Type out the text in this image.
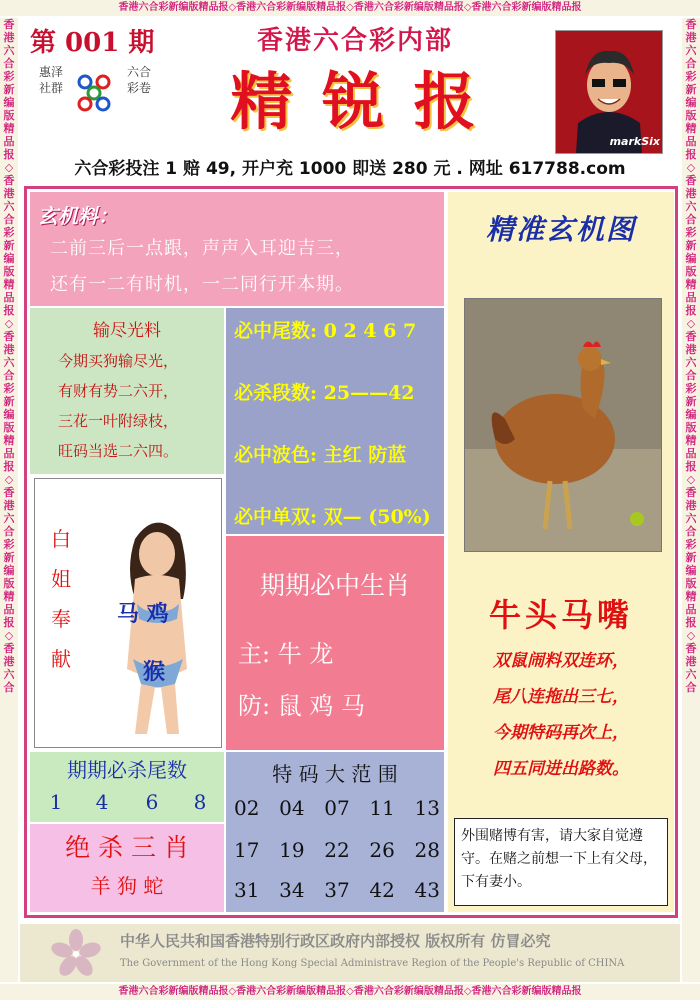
香港六合彩新编版精品报◇香港六合彩新编版精品报◇香港六合彩新编版精品报◇香港六合彩新编版精品报
香港六合彩新编版精品报◇香港六合彩新编版精品报◇香港六合彩新编版精品报◇香港六合彩新编版精品报
香港六合彩新编版精品报◇香港六合彩新编版精品报◇香港六合彩新编版精品报◇香港六合彩新编版精品报◇香港六合
香港六合彩新编版精品报◇香港六合彩新编版精品报◇香港六合彩新编版精品报◇香港六合彩新编版精品报◇香港六合
第 001 期
惠泽社群
六合彩卷
香港六合彩内部
精 锐 报
markSix
六合彩投注 1 赔 49, 开户充 1000 即送 280 元 . 网址 617788.com
玄机料：
二前三后一点跟，声声入耳迎吉三，
还有一二有时机，一二同行开本期。
输尽光料
今期买狗输尽光，
有财有势二六开，
三花一叶附绿枝，
旺码当选二六四。
必中尾数: 0 2 4 6 7
必杀段数: 25——42
必中波色: 主红 防蓝
必中单双: 双— (50%)
白姐奉献
马 鸡
猴
期期必中生肖
主: 牛 龙
防: 鼠 鸡 马
期期必杀尾数
1	4	6	8
绝 杀 三 肖
羊 狗 蛇
特 码 大 范 围
02 04 07 11 13
17 19 22 26 28
31 34 37 42 43
精准玄机图
牛头马嘴
双鼠闹料双连环，
尾八连拖出三七，
今期特码再次上，
四五同进出路数。
外围赌博有害，请大家自觉遵守。在赌之前想一下上有父母，下有妻小。
中华人民共和国香港特别行政区政府内部授权 版权所有 仿冒必究
The Government of the Hong Kong Special Administrave Region of the People's Republic of CHINA
